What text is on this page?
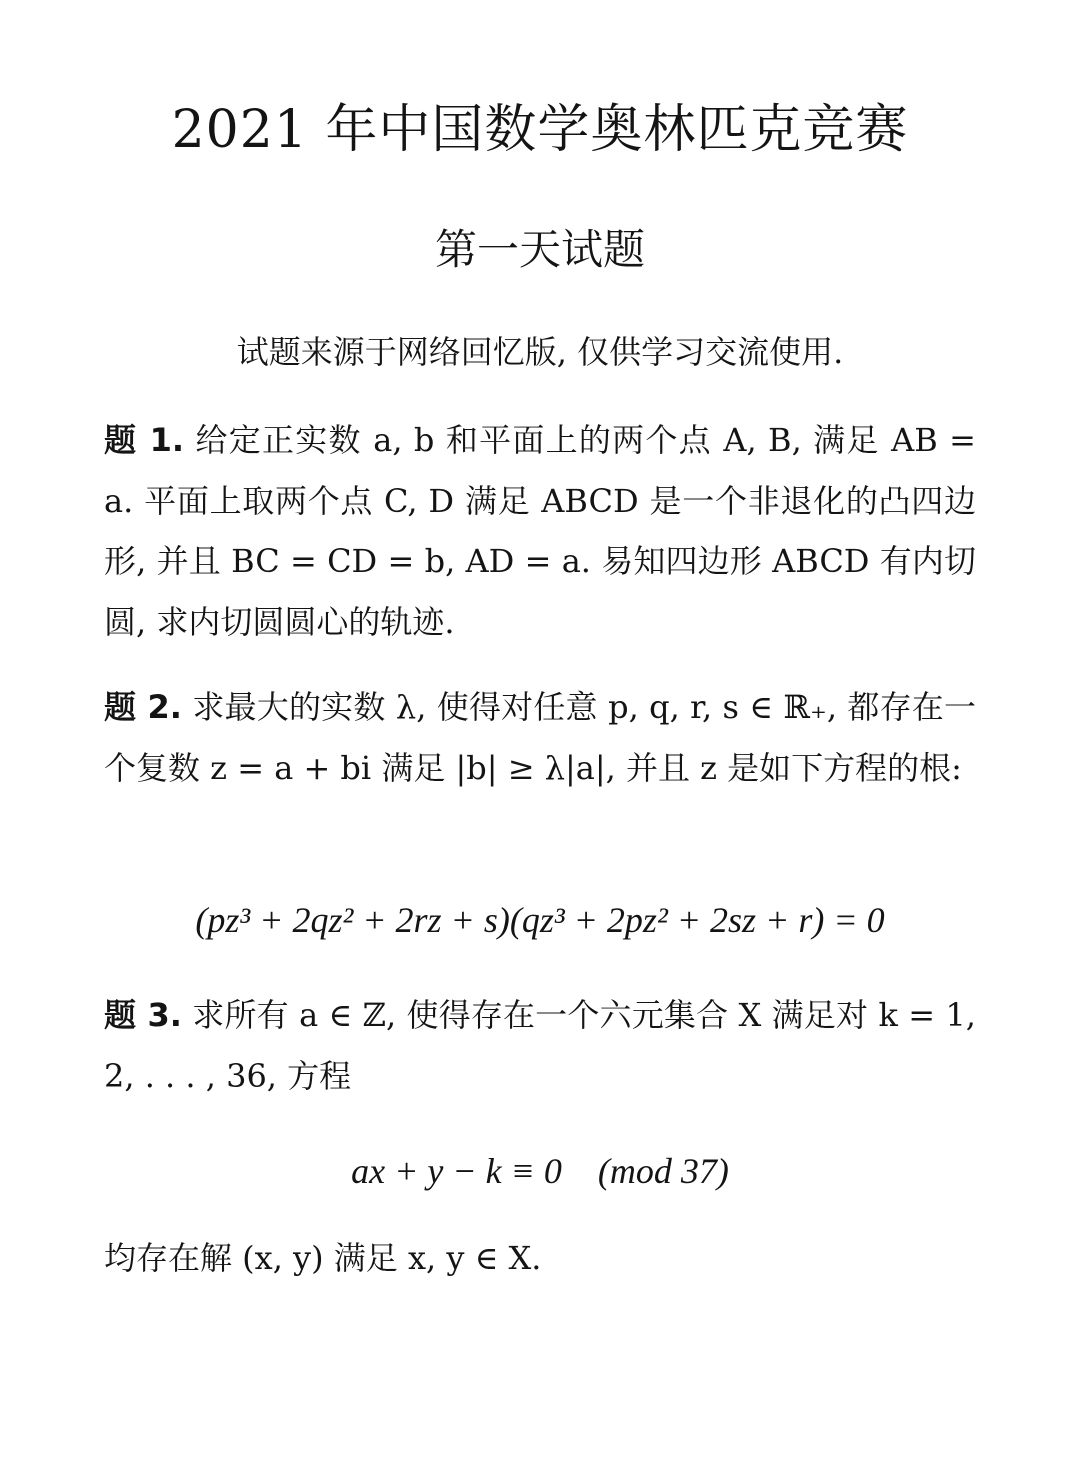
2021 年中国数学奥林匹克竞赛
第一天试题
试题来源于网络回忆版, 仅供学习交流使用.
题 1. 给定正实数 a, b 和平面上的两个点 A, B, 满足 AB = a. 平面上取两个点 C, D 满足 ABCD 是一个非退化的凸四边形, 并且 BC = CD = b, AD = a. 易知四边形 ABCD 有内切圆, 求内切圆圆心的轨迹.
题 2. 求最大的实数 λ, 使得对任意 p, q, r, s ∈ ℝ₊, 都存在一个复数 z = a + bi 满足 |b| ≥ λ|a|, 并且 z 是如下方程的根:
(pz³ + 2qz² + 2rz + s)(qz³ + 2pz² + 2sz + r) = 0
题 3. 求所有 a ∈ ℤ, 使得存在一个六元集合 X 满足对 k = 1, 2, . . . , 36, 方程
ax + y − k ≡ 0    (mod 37)
均存在解 (x, y) 满足 x, y ∈ X.
